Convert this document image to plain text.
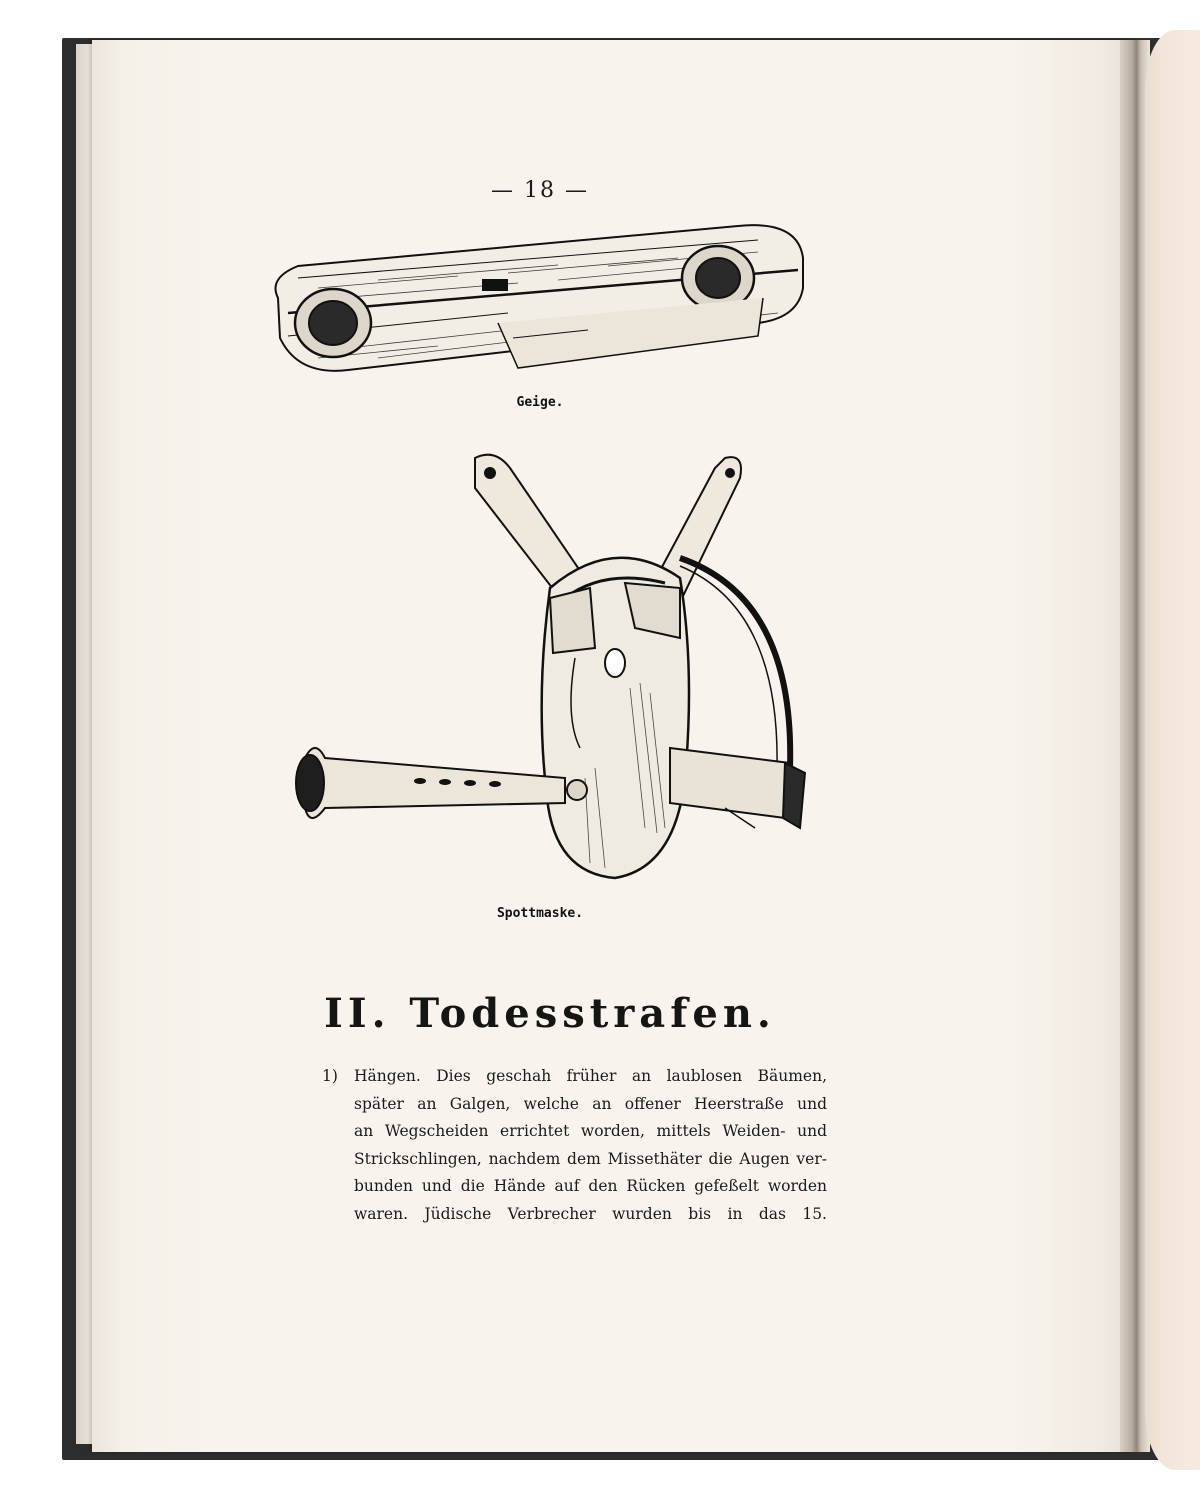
— 18 —
Geige.
Spottmaske.
II. Todesstrafen.
1) Hängen. Dies geschah früher an laublosen Bäumen,
später an Galgen, welche an offener Heerstraße und
an Wegscheiden errichtet worden, mittels Weiden- und
Strickschlingen, nachdem dem Missethäter die Augen ver-
bunden und die Hände auf den Rücken gefeßelt worden
waren. Jüdische Verbrecher wurden bis in das 15.
